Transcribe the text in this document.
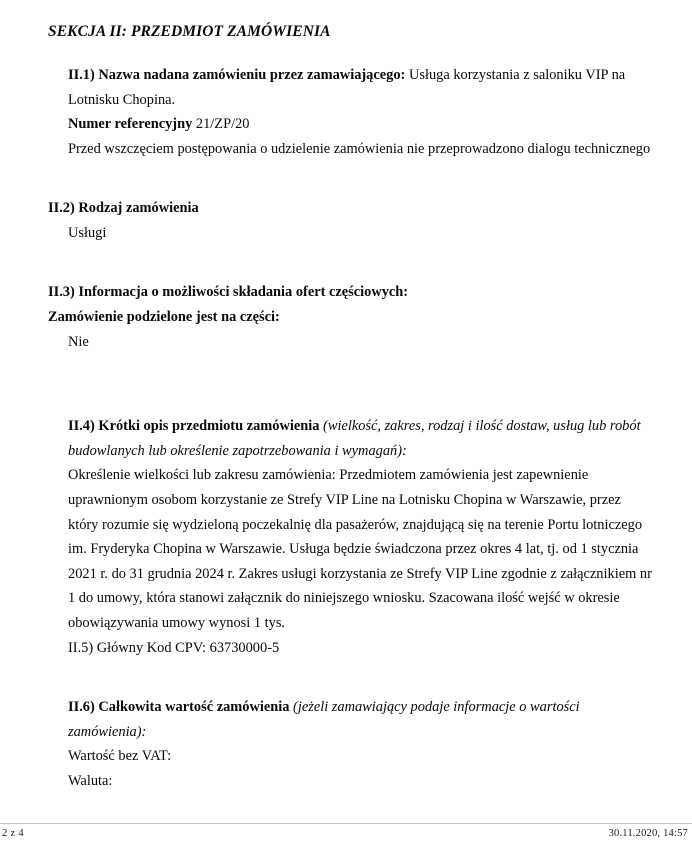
SEKCJA II: PRZEDMIOT ZAMÓWIENIA
II.1) Nazwa nadana zamówieniu przez zamawiającego: Usługa korzystania z saloniku VIP na
Lotnisku Chopina.
Numer referencyjny 21/ZP/20
Przed wszczęciem postępowania o udzielenie zamówienia nie przeprowadzono dialogu technicznego
II.2) Rodzaj zamówienia
Usługi
II.3) Informacja o możliwości składania ofert częściowych:
Zamówienie podzielone jest na części:
Nie
II.4) Krótki opis przedmiotu zamówienia (wielkość, zakres, rodzaj i ilość dostaw, usług lub robót
budowlanych lub określenie zapotrzebowania i wymagań):
Określenie wielkości lub zakresu zamówienia: Przedmiotem zamówienia jest zapewnienie
uprawnionym osobom korzystanie ze Strefy VIP Line na Lotnisku Chopina w Warszawie, przez
który rozumie się wydzieloną poczekalnię dla pasażerów, znajdującą się na terenie Portu lotniczego
im. Fryderyka Chopina w Warszawie. Usługa będzie świadczona przez okres 4 lat, tj. od 1 stycznia
2021 r. do 31 grudnia 2024 r. Zakres usługi korzystania ze Strefy VIP Line zgodnie z załącznikiem nr
1 do umowy, która stanowi załącznik do niniejszego wniosku. Szacowana ilość wejść w okresie
obowiązywania umowy wynosi 1 tys.
II.5) Główny Kod CPV: 63730000-5
II.6) Całkowita wartość zamówienia (jeżeli zamawiający podaje informacje o wartości
zamówienia):
Wartość bez VAT:
Waluta:
2 z 4	30.11.2020, 14:57
